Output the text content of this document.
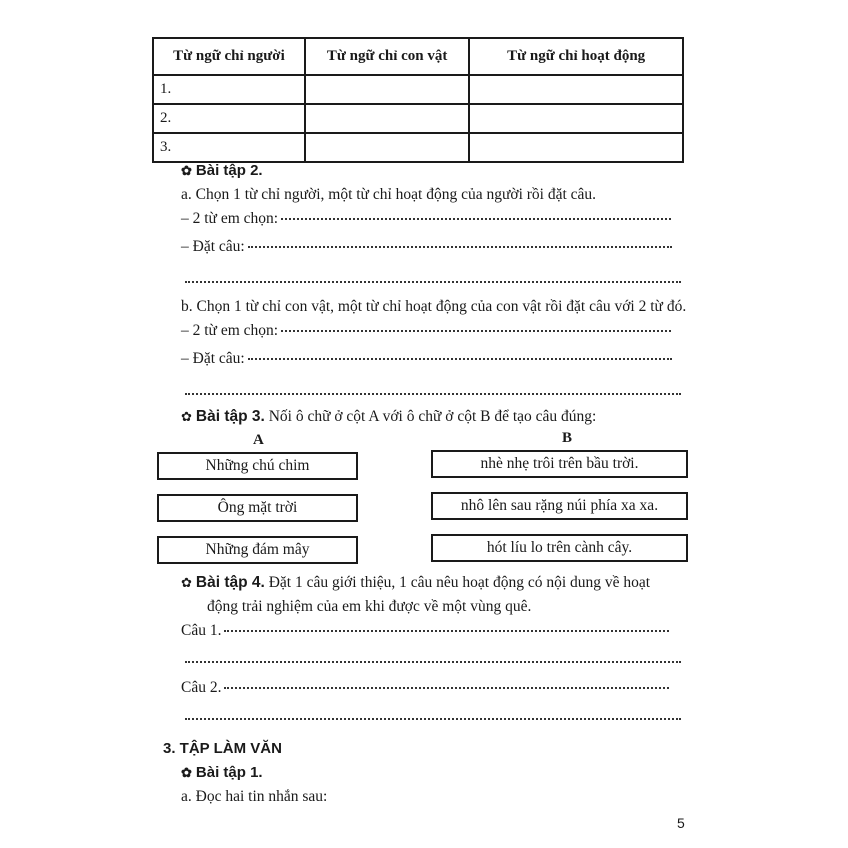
Từ ngữ chỉ người	Từ ngữ chỉ con vật	Từ ngữ chỉ hoạt động
1.		
2.		
3.		
✿ Bài tập 2.
a. Chọn 1 từ chỉ người, một từ chỉ hoạt động của người rồi đặt câu.
– 2 từ em chọn:
– Đặt câu:
b. Chọn 1 từ chỉ con vật, một từ chỉ hoạt động của con vật rồi đặt câu với 2 từ đó.
– 2 từ em chọn:
– Đặt câu:
✿ Bài tập 3. Nối ô chữ ở cột A với ô chữ ở cột B để tạo câu đúng:
A	B
Những chú chim
Ông mặt trời
Những đám mây
nhè nhẹ trôi trên bầu trời.
nhô lên sau rặng núi phía xa xa.
hót líu lo trên cành cây.
✿ Bài tập 4. Đặt 1 câu giới thiệu, 1 câu nêu hoạt động có nội dung về hoạt
động trải nghiệm của em khi được về một vùng quê.
Câu 1.
Câu 2.
3. TẬP LÀM VĂN
✿ Bài tập 1.
a. Đọc hai tin nhắn sau:
5
